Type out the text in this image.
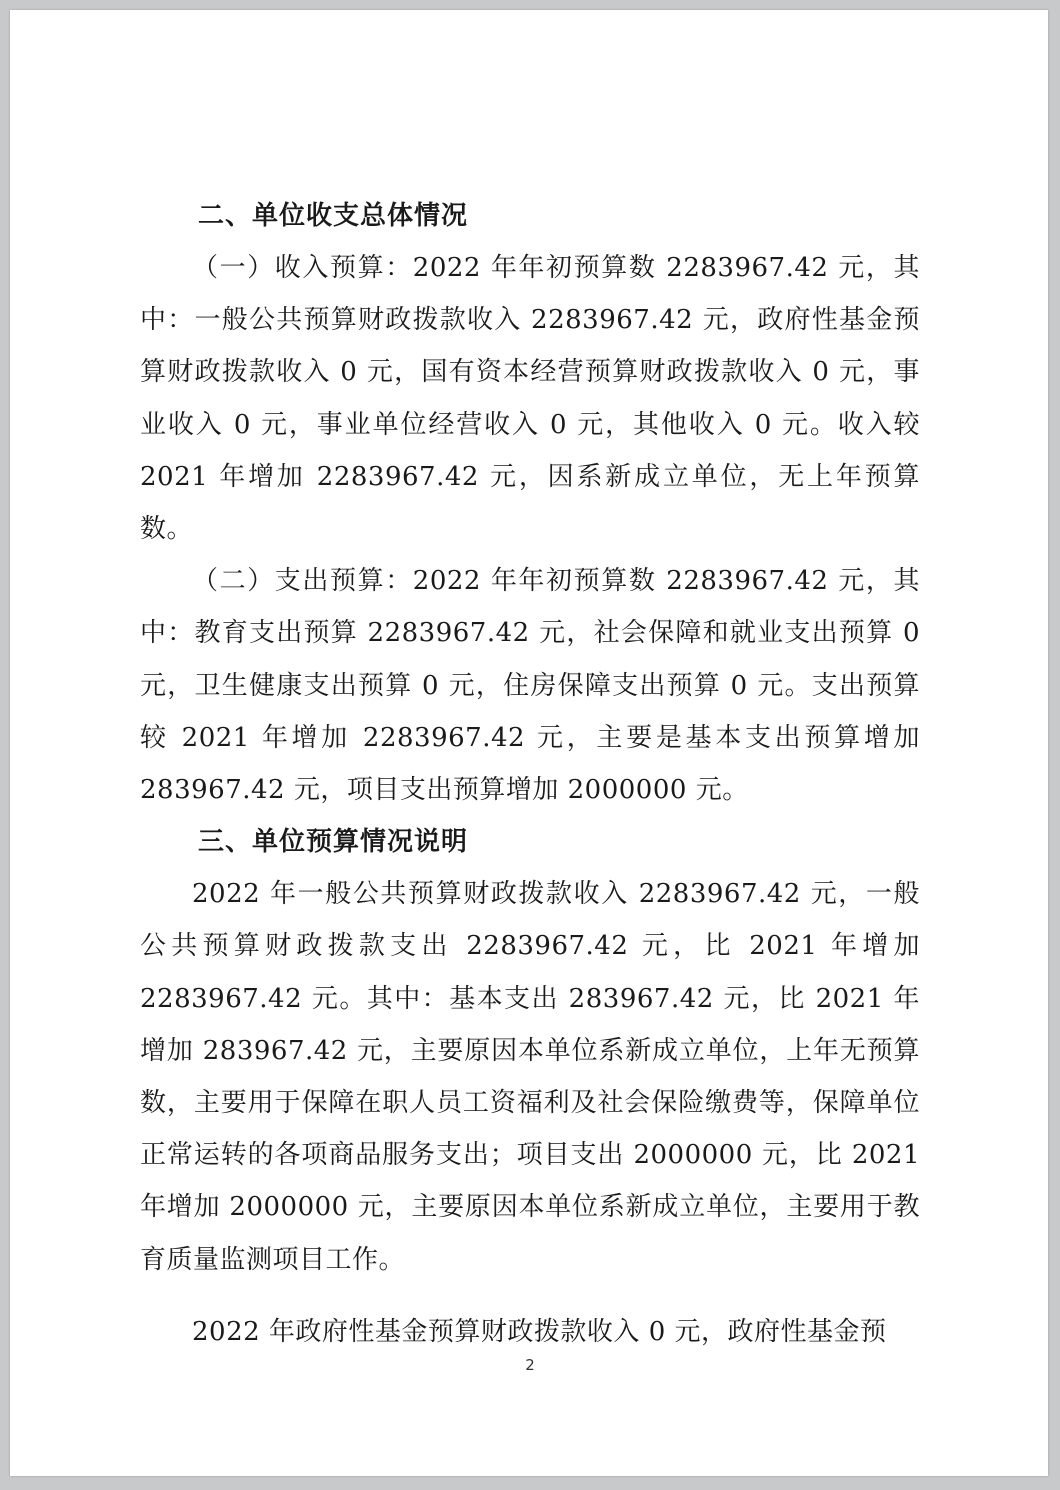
二、单位收支总体情况

（一）收入预算：2022 年年初预算数 2283967.42 元，其中：一般公共预算财政拨款收入 2283967.42 元，政府性基金预算财政拨款收入 0 元，国有资本经营预算财政拨款收入 0 元，事业收入 0 元，事业单位经营收入 0 元，其他收入 0 元。收入较 2021 年增加 2283967.42 元，因系新成立单位，无上年预算数。

（二）支出预算：2022 年年初预算数 2283967.42 元，其中：教育支出预算 2283967.42 元，社会保障和就业支出预算 0 元，卫生健康支出预算 0 元，住房保障支出预算 0 元。支出预算较 2021 年增加 2283967.42 元，主要是基本支出预算增加 283967.42 元，项目支出预算增加 2000000 元。

三、单位预算情况说明

2022 年一般公共预算财政拨款收入 2283967.42 元，一般公共预算财政拨款支出 2283967.42 元，比 2021 年增加 2283967.42 元。其中：基本支出 283967.42 元，比 2021 年增加 283967.42 元，主要原因本单位系新成立单位，上年无预算数，主要用于保障在职人员工资福利及社会保险缴费等，保障单位正常运转的各项商品服务支出；项目支出 2000000 元，比 2021 年增加 2000000 元，主要原因本单位系新成立单位，主要用于教育质量监测项目工作。

2022 年政府性基金预算财政拨款收入 0 元，政府性基金预

2
